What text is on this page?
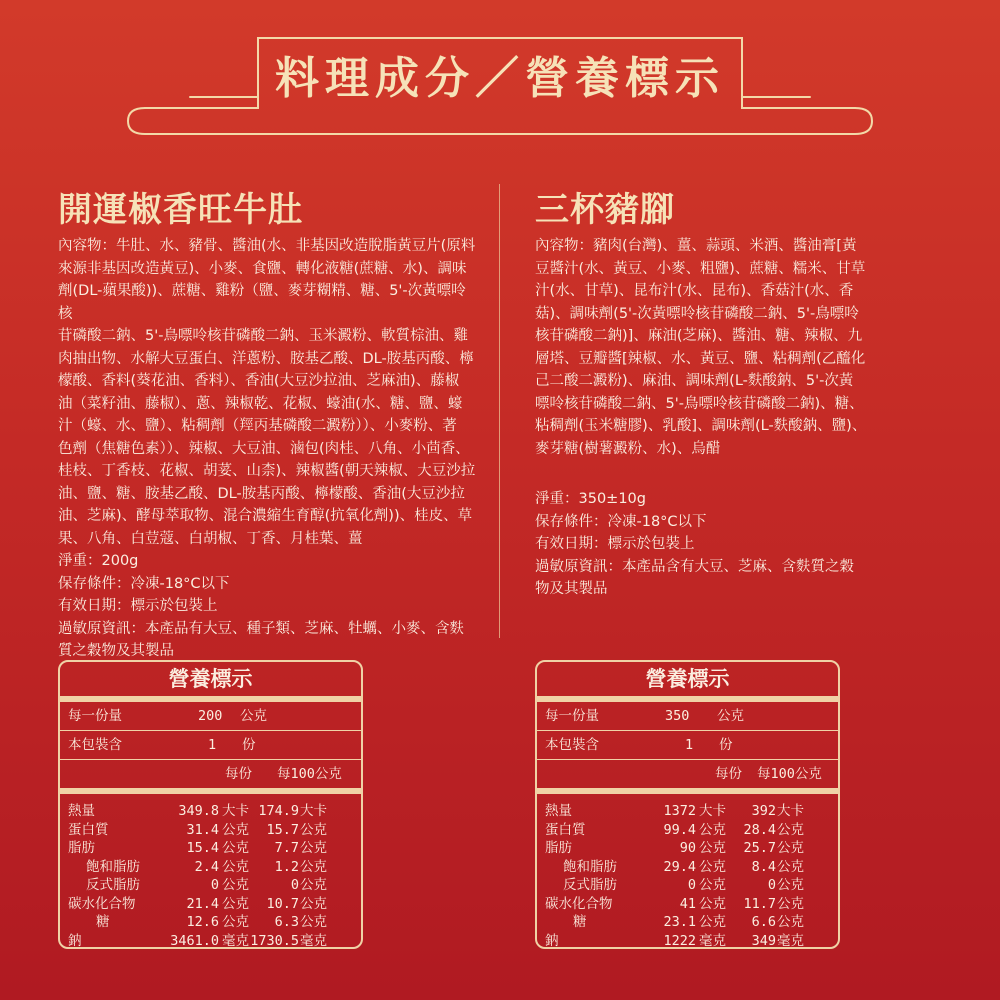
料理成分／營養標示
開運椒香旺牛肚

內容物：牛肚、水、豬骨、醬油(水、非基因改造脫脂黃豆片(原料

來源非基因改造黃豆)、小麥、食鹽、轉化液糖(蔗糖、水)、調味

劑(DL-蘋果酸))、蔗糖、雞粉（鹽、麥芽糊精、糖、5'-次黃嘌呤核

苷磷酸二鈉、5'-鳥嘌呤核苷磷酸二鈉、玉米澱粉、軟質棕油、雞

肉抽出物、水解大豆蛋白、洋蔥粉、胺基乙酸、DL-胺基丙酸、檸

檬酸、香料(葵花油、香料）、香油(大豆沙拉油、芝麻油)、藤椒

油（菜籽油、藤椒）、蔥、辣椒乾、花椒、蠔油(水、糖、鹽、蠔

汁（蠔、水、鹽）、粘稠劑（羥丙基磷酸二澱粉））、小麥粉、著

色劑（焦糖色素））、辣椒、大豆油、滷包(肉桂、八角、小茴香、

桂枝、丁香枝、花椒、胡荽、山柰)、辣椒醬(朝天辣椒、大豆沙拉

油、鹽、糖、胺基乙酸、DL-胺基丙酸、檸檬酸、香油(大豆沙拉

油、芝麻)、酵母萃取物、混合濃縮生育醇(抗氧化劑))、桂皮、草

果、八角、白荳蔻、白胡椒、丁香、月桂葉、薑

淨重：200g

保存條件：冷凍-18°C以下

有效日期：標示於包裝上

過敏原資訊：本產品有大豆、種子類、芝麻、牡蠣、小麥、含麩

質之穀物及其製品

營養標示
每一份量	200 公克
本包裝含	1 份
每份 每100公克
熱量	349.8 大卡 174.9 大卡
蛋白質	31.4 公克 15.7 公克
脂肪	15.4 公克 7.7 公克
飽和脂肪	2.4 公克 1.2 公克
反式脂肪	0 公克	0 公克
碳水化合物	21.4 公克 10.7 公克
糖	12.6 公克 6.3 公克
鈉	3461.0 毫克 1730.5 毫克
三杯豬腳

內容物：豬肉(台灣)、薑、蒜頭、米酒、醬油膏[黃

豆醬汁(水、黃豆、小麥、粗鹽)、蔗糖、糯米、甘草

汁(水、甘草)、昆布汁(水、昆布)、香菇汁(水、香

菇)、調味劑(5'-次黃嘌呤核苷磷酸二鈉、5'-鳥嘌呤

核苷磷酸二鈉)]、麻油(芝麻)、醬油、糖、辣椒、九

層塔、豆瓣醬[辣椒、水、黃豆、鹽、粘稠劑(乙醯化

己二酸二澱粉)、麻油、調味劑(L-麩酸鈉、5'-次黃

嘌呤核苷磷酸二鈉、5'-鳥嘌呤核苷磷酸二鈉)、糖、

粘稠劑(玉米糖膠)、乳酸]、調味劑(L-麩酸鈉、鹽)、

麥芽糖(樹薯澱粉、水)、烏醋

淨重：350±10g

保存條件：冷凍-18°C以下

有效日期：標示於包裝上

過敏原資訊：本產品含有大豆、芝麻、含麩質之穀

物及其製品

營養標示
每一份量	350 公克
本包裝含	1 份
每份 每100公克
熱量	1372 大卡 392 大卡
蛋白質	99.4 公克 28.4 公克
脂肪	90 公克 25.7 公克
飽和脂肪	29.4 公克 8.4 公克
反式脂肪	0 公克	0 公克
碳水化合物	41 公克 11.7 公克
糖	23.1 公克 6.6 公克
鈉	1222 毫克 349 毫克
